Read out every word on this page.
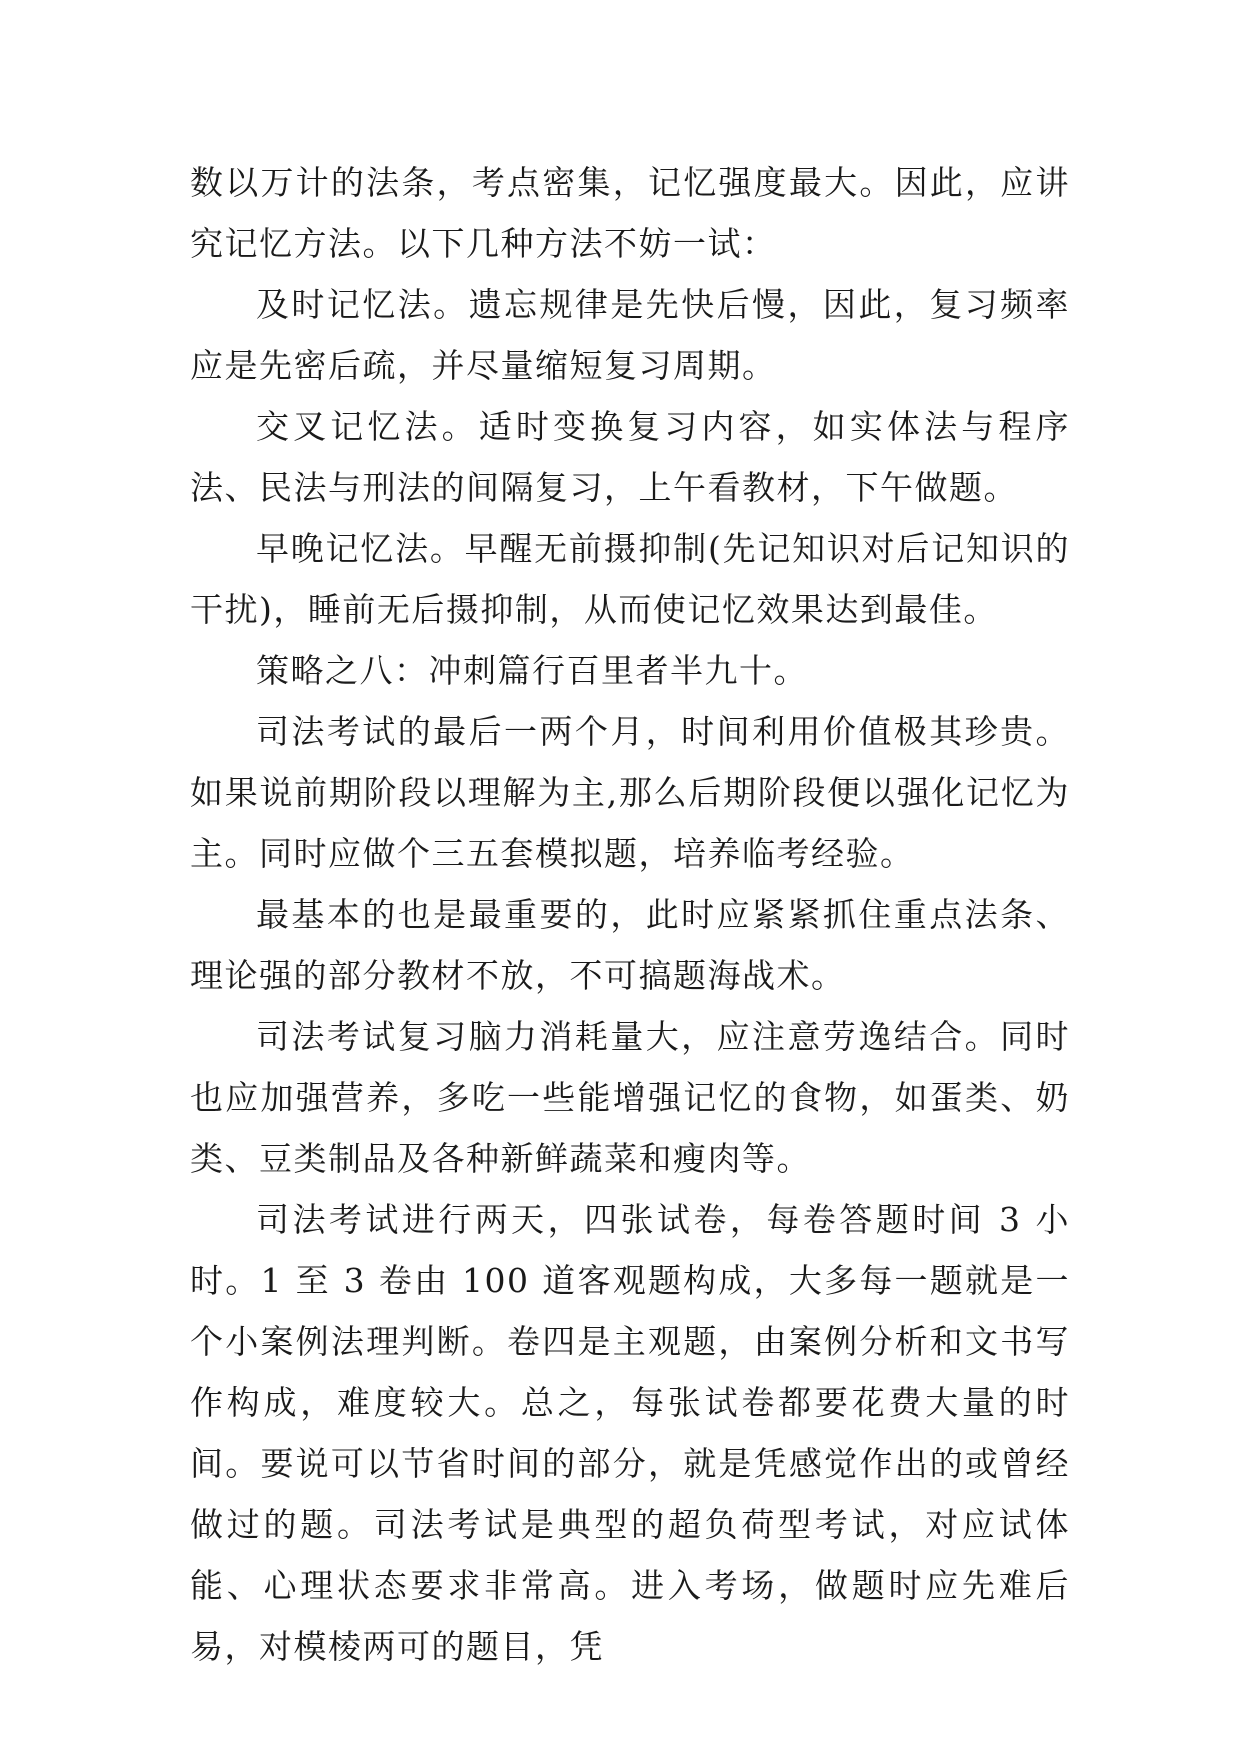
数以万计的法条，考点密集，记忆强度最大。因此，应讲究记忆方法。以下几种方法不妨一试：

及时记忆法。遗忘规律是先快后慢，因此，复习频率应是先密后疏，并尽量缩短复习周期。

交叉记忆法。适时变换复习内容，如实体法与程序法、民法与刑法的间隔复习，上午看教材，下午做题。

早晚记忆法。早醒无前摄抑制(先记知识对后记知识的干扰)，睡前无后摄抑制，从而使记忆效果达到最佳。

策略之八：冲刺篇行百里者半九十。

司法考试的最后一两个月，时间利用价值极其珍贵。如果说前期阶段以理解为主,那么后期阶段便以强化记忆为主。同时应做个三五套模拟题，培养临考经验。

最基本的也是最重要的，此时应紧紧抓住重点法条、理论强的部分教材不放，不可搞题海战术。

司法考试复习脑力消耗量大，应注意劳逸结合。同时也应加强营养，多吃一些能增强记忆的食物，如蛋类、奶类、豆类制品及各种新鲜蔬菜和瘦肉等。

司法考试进行两天，四张试卷，每卷答题时间 3 小时。1 至 3 卷由 100 道客观题构成，大多每一题就是一个小案例法理判断。卷四是主观题，由案例分析和文书写作构成，难度较大。总之，每张试卷都要花费大量的时间。要说可以节省时间的部分，就是凭感觉作出的或曾经做过的题。司法考试是典型的超负荷型考试，对应试体能、心理状态要求非常高。进入考场，做题时应先难后易，对模棱两可的题目，凭
